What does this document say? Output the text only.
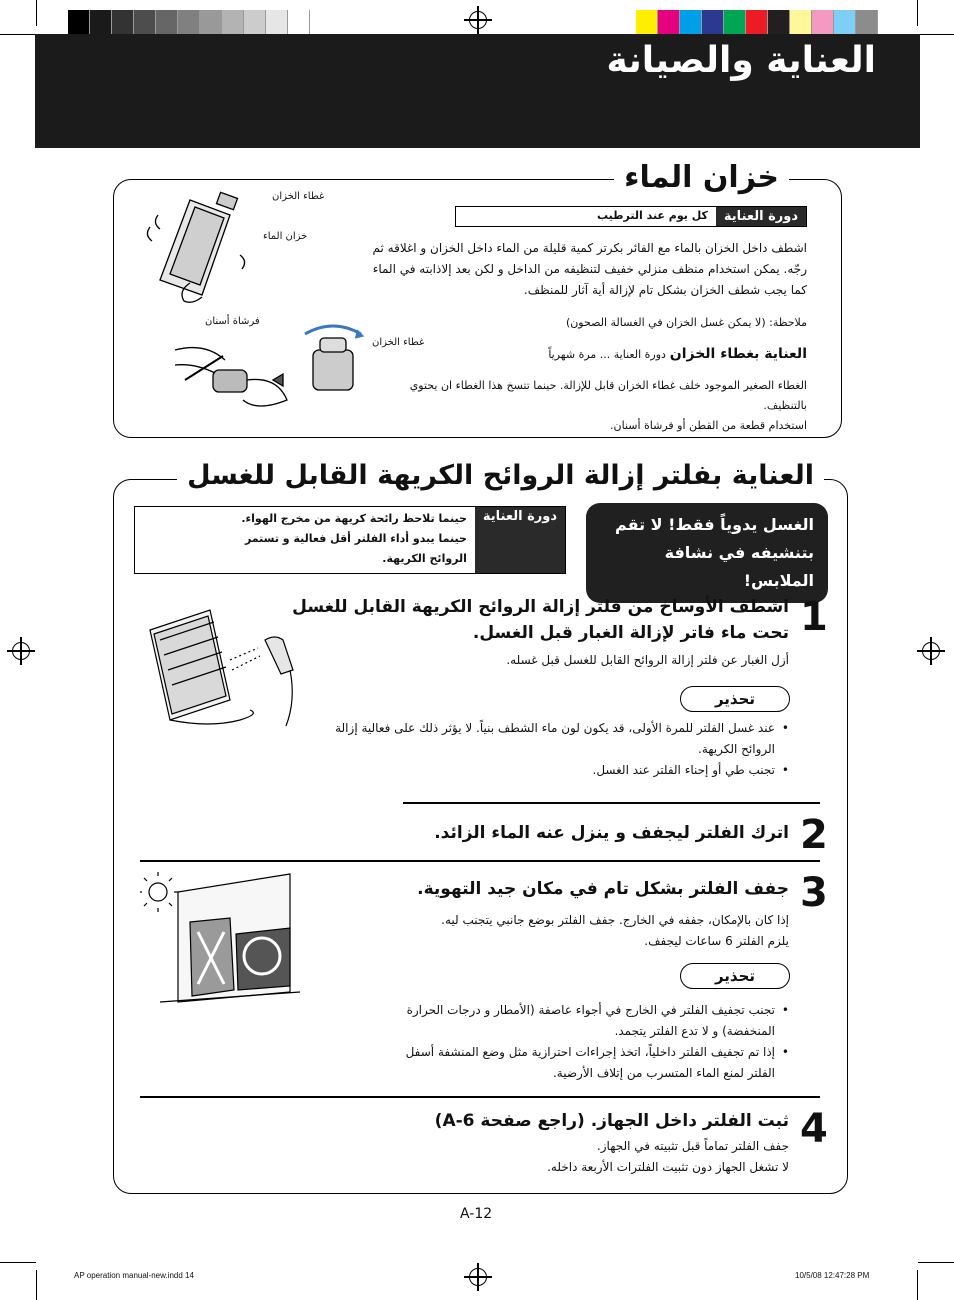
العناية والصيانة
خزان الماء
دورة العناية
كل يوم عند الترطيب

اشطف داخل الخزان بالماء مع الفائر بكرتر كمية قليلة من الماء داخل الخزان و اغلاقه ثم

رجّه. يمكن استخدام منظف منزلي خفيف لتنظيفه من الداخل و لكن بعد إلاذابته في الماء

كما يجب شطف الخزان بشكل تام لإزالة أية آثار للمنظف.

ملاحظة: (لا يمكن غسل الخزان في الغسالة الصحون)
العناية بغطاء الخزان دورة العناية ... مرة شهرياً

الغطاء الصغير الموجود خلف غطاء الخزان قابل للإزالة. حينما تتسخ هذا الغطاء ان يحتوي بالتنظيف.

استخدام قطعة من القطن أو فرشاة أسنان.

غطاء الخزان
خزان الماء
فرشاة أسنان
غطاء الخزان
العناية بفلتر إزالة الروائح الكريهة القابل للغسل
دورة العناية

حينما تلاحظ رائحة كريهة من مخرج الهواء.

حينما يبدو أداء الفلتر أقل فعالية و تستمر

الروائح الكريهة.

الغسل يدوياً فقط! لا تقم

بتنشيفه في نشافة الملابس!

1

اشطف الأوساخ من فلتر إزالة الروائح الكريهة القابل للغسل

تحت ماء فاتر لإزالة الغبار قبل الغسل.

أزل الغبار عن فلتر إزالة الروائح القابل للغسل قبل غسله.
تحذير
• عند غسل الفلتر للمرة الأولى، قد يكون لون ماء الشطف بنياً. لا يؤثر ذلك على فعالية إزالة الروائح الكريهة.
• تجنب طي أو إحناء الفلتر عند الغسل.
2
اترك الفلتر ليجفف و ينزل عنه الماء الزائد.
3
جفف الفلتر بشكل تام في مكان جيد التهوية.

إذا كان بالإمكان، جففه في الخارج. جفف الفلتر بوضع جانبي يتجنب ليه.

يلزم الفلتر 6 ساعات ليجفف.

تحذير
• تجنب تجفيف الفلتر في الخارج في أجواء عاصفة (الأمطار و درجات الحرارة المنخفضة) و لا تدع الفلتر يتجمد.
• إذا تم تجفيف الفلتر داخلياً، اتخذ إجراءات احترازية مثل وضع المنشفة أسفل الفلتر لمنع الماء المتسرب من إتلاف الأرضية.
4
ثبت الفلتر داخل الجهاز. (راجع صفحة A-6)

جفف الفلتر تماماً قبل تثبيته في الجهاز.

لا تشغل الجهاز دون تثبيت الفلترات الأربعة داخله.

A-12
AP operation manual-new.indd 14	10/5/08 12:47:28 PM
